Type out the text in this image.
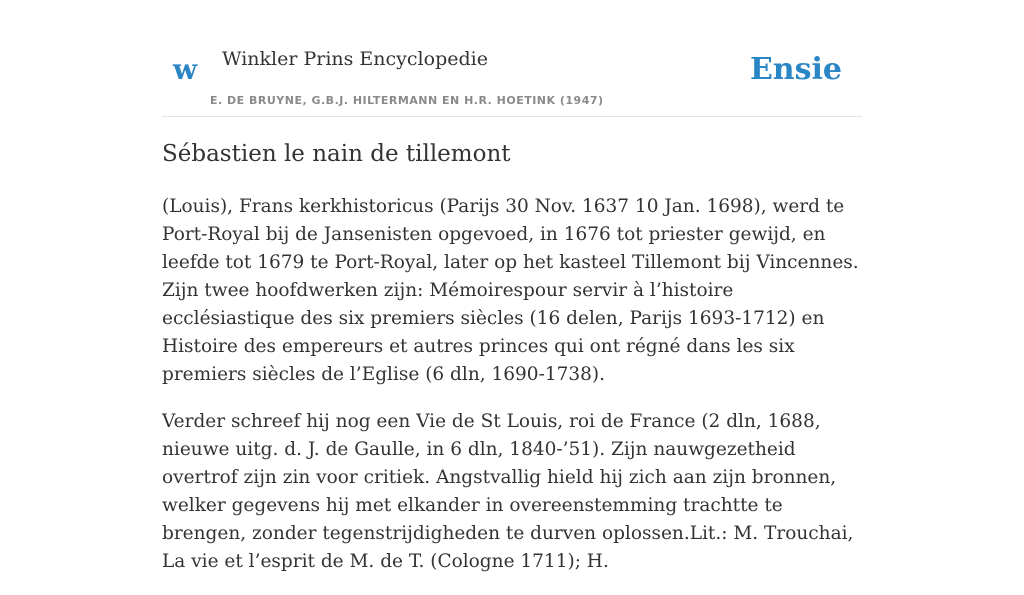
w Winkler Prins Encyclopedie
E. DE BRUYNE, G.B.J. HILTERMANN EN H.R. HOETINK (1947)
Ensie
Sébastien le nain de tillemont

(Louis), Frans kerkhistoricus (Parijs 30 Nov. 1637 10 Jan. 1698), werd te Port-Royal bij de Jansenisten opgevoed, in 1676 tot priester gewijd, en leefde tot 1679 te Port-Royal, later op het kasteel Tillemont bij Vincennes. Zijn twee hoofdwerken zijn: Mémoirespour servir à l’histoire ecclésiastique des six premiers siècles (16 delen, Parijs 1693-1712) en Histoire des empereurs et autres princes qui ont régné dans les six premiers siècles de l’Eglise (6 dln, 1690-1738).

Verder schreef hij nog een Vie de St Louis, roi de France (2 dln, 1688, nieuwe uitg. d. J. de Gaulle, in 6 dln, 1840-’51). Zijn nauwgezetheid overtrof zijn zin voor critiek. Angstvallig hield hij zich aan zijn bronnen, welker gegevens hij met elkander in overeenstemming trachtte te brengen, zonder tegenstrijdigheden te durven oplossen.Lit.: M. Trouchai, La vie et l’esprit de M. de T. (Cologne 1711); H.
